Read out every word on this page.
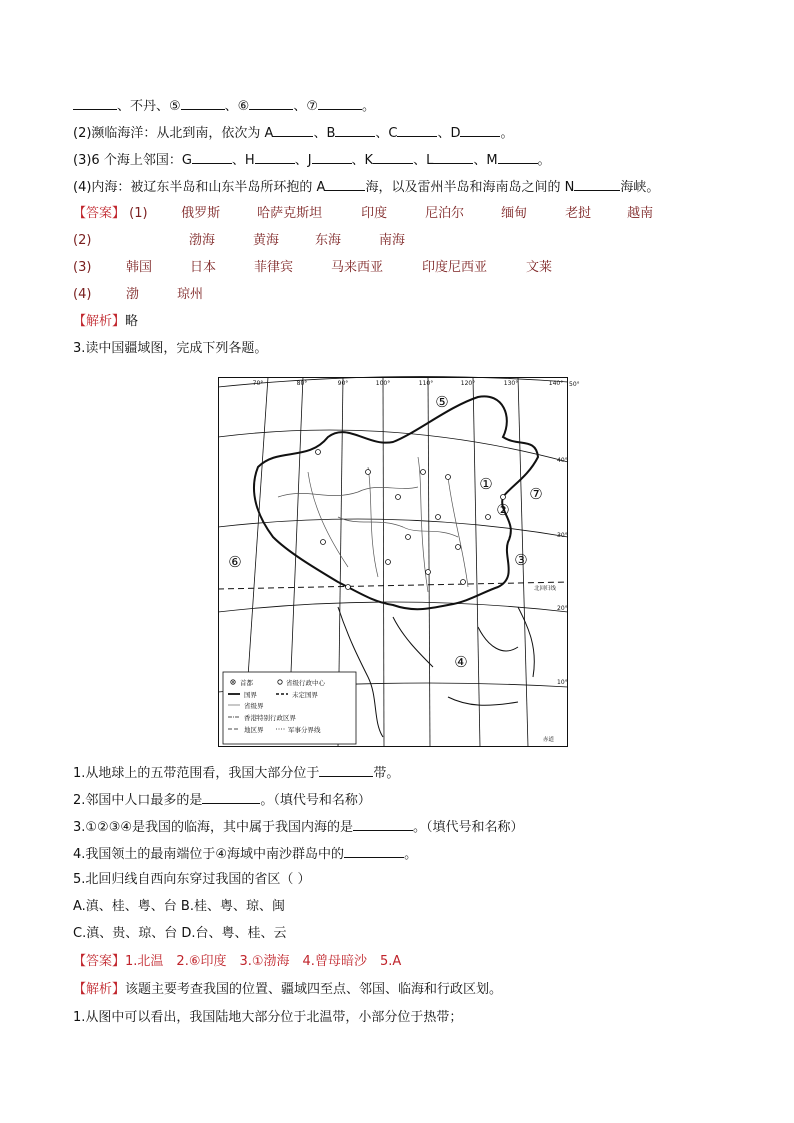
、不丹、⑤	、⑥	、⑦	。
(2)濒临海洋：从北到南，依次为 A	、B	、C	、D	。
(3)6 个海上邻国：G	、H	、J	、K	、L	、M	。
(4)内海：被辽东半岛和山东半岛所环抱的 A	海，以及雷州半岛和海南岛之间的 N	海峡。
【答案】 (1)	俄罗斯	哈萨克斯坦	印度	尼泊尔	缅甸	老挝	越南
(2)	渤海	黄海	东海	南海
(3)	韩国	日本	菲律宾	马来西亚	印度尼西亚	文莱
(4)	渤	琼州
【解析】略
3.读中国疆域图，完成下列各题。
①
②
③
④
⑤
⑥
⑦
70°	80°	90°	100°	110°	120°	130°	140° 50°
40°
30°
20°
10°
北回归线
赤道
首都	省级行政中心
国界	未定国界
省级界
香港特别行政区界
地区界	军事分界线
1.从地球上的五带范围看，我国大部分位于	带。
2.邻国中人口最多的是	。（填代号和名称）
3.①②③④是我国的临海，其中属于我国内海的是	。（填代号和名称）
4.我国领土的最南端位于④海域中南沙群岛中的	。
5.北回归线自西向东穿过我国的省区（ ）
A.滇、桂、粤、台 B.桂、粤、琼、闽
C.滇、贵、琼、台 D.台、粤、桂、云
【答案】1.北温　2.⑥印度　3.①渤海　4.曾母暗沙　5.A
【解析】该题主要考查我国的位置、疆域四至点、邻国、临海和行政区划。
1.从图中可以看出，我国陆地大部分位于北温带，小部分位于热带；
